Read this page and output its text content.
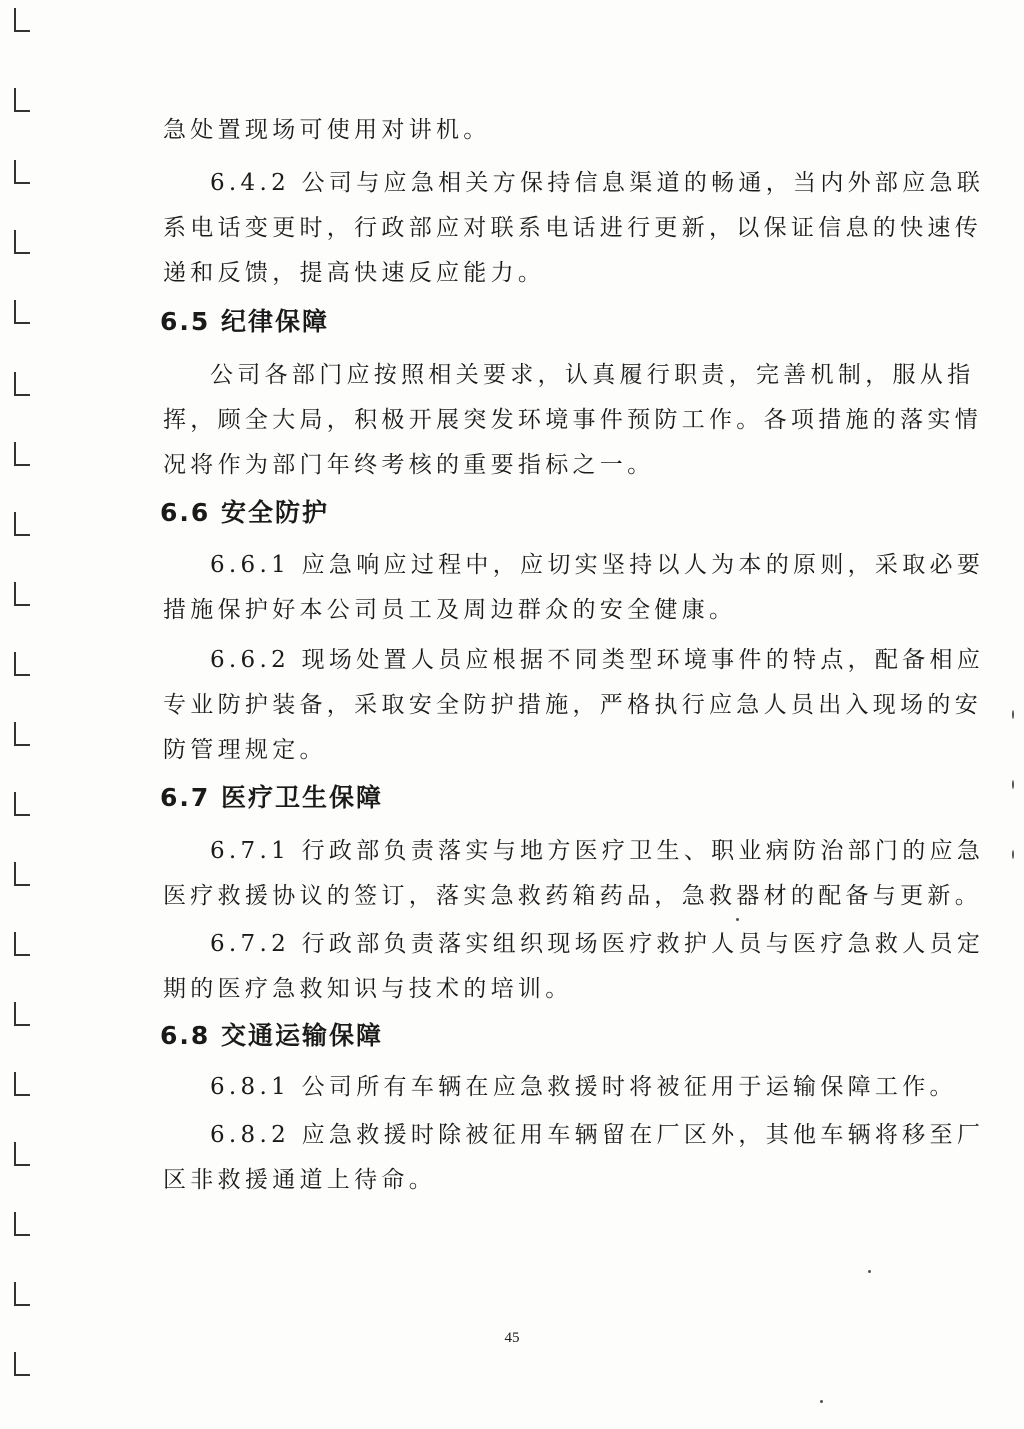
急处置现场可使用对讲机。
6.4.2 公司与应急相关方保持信息渠道的畅通，当内外部应急联
系电话变更时，行政部应对联系电话进行更新，以保证信息的快速传
递和反馈，提高快速反应能力。
6.5 纪律保障
公司各部门应按照相关要求，认真履行职责，完善机制，服从指
挥，顾全大局，积极开展突发环境事件预防工作。各项措施的落实情
况将作为部门年终考核的重要指标之一。
6.6 安全防护
6.6.1 应急响应过程中，应切实坚持以人为本的原则，采取必要
措施保护好本公司员工及周边群众的安全健康。
6.6.2 现场处置人员应根据不同类型环境事件的特点，配备相应
专业防护装备，采取安全防护措施，严格执行应急人员出入现场的安
防管理规定。
6.7 医疗卫生保障
6.7.1 行政部负责落实与地方医疗卫生、职业病防治部门的应急
医疗救援协议的签订，落实急救药箱药品，急救器材的配备与更新。
6.7.2 行政部负责落实组织现场医疗救护人员与医疗急救人员定
期的医疗急救知识与技术的培训。
6.8 交通运输保障
6.8.1 公司所有车辆在应急救援时将被征用于运输保障工作。
6.8.2 应急救援时除被征用车辆留在厂区外，其他车辆将移至厂
区非救援通道上待命。
45
